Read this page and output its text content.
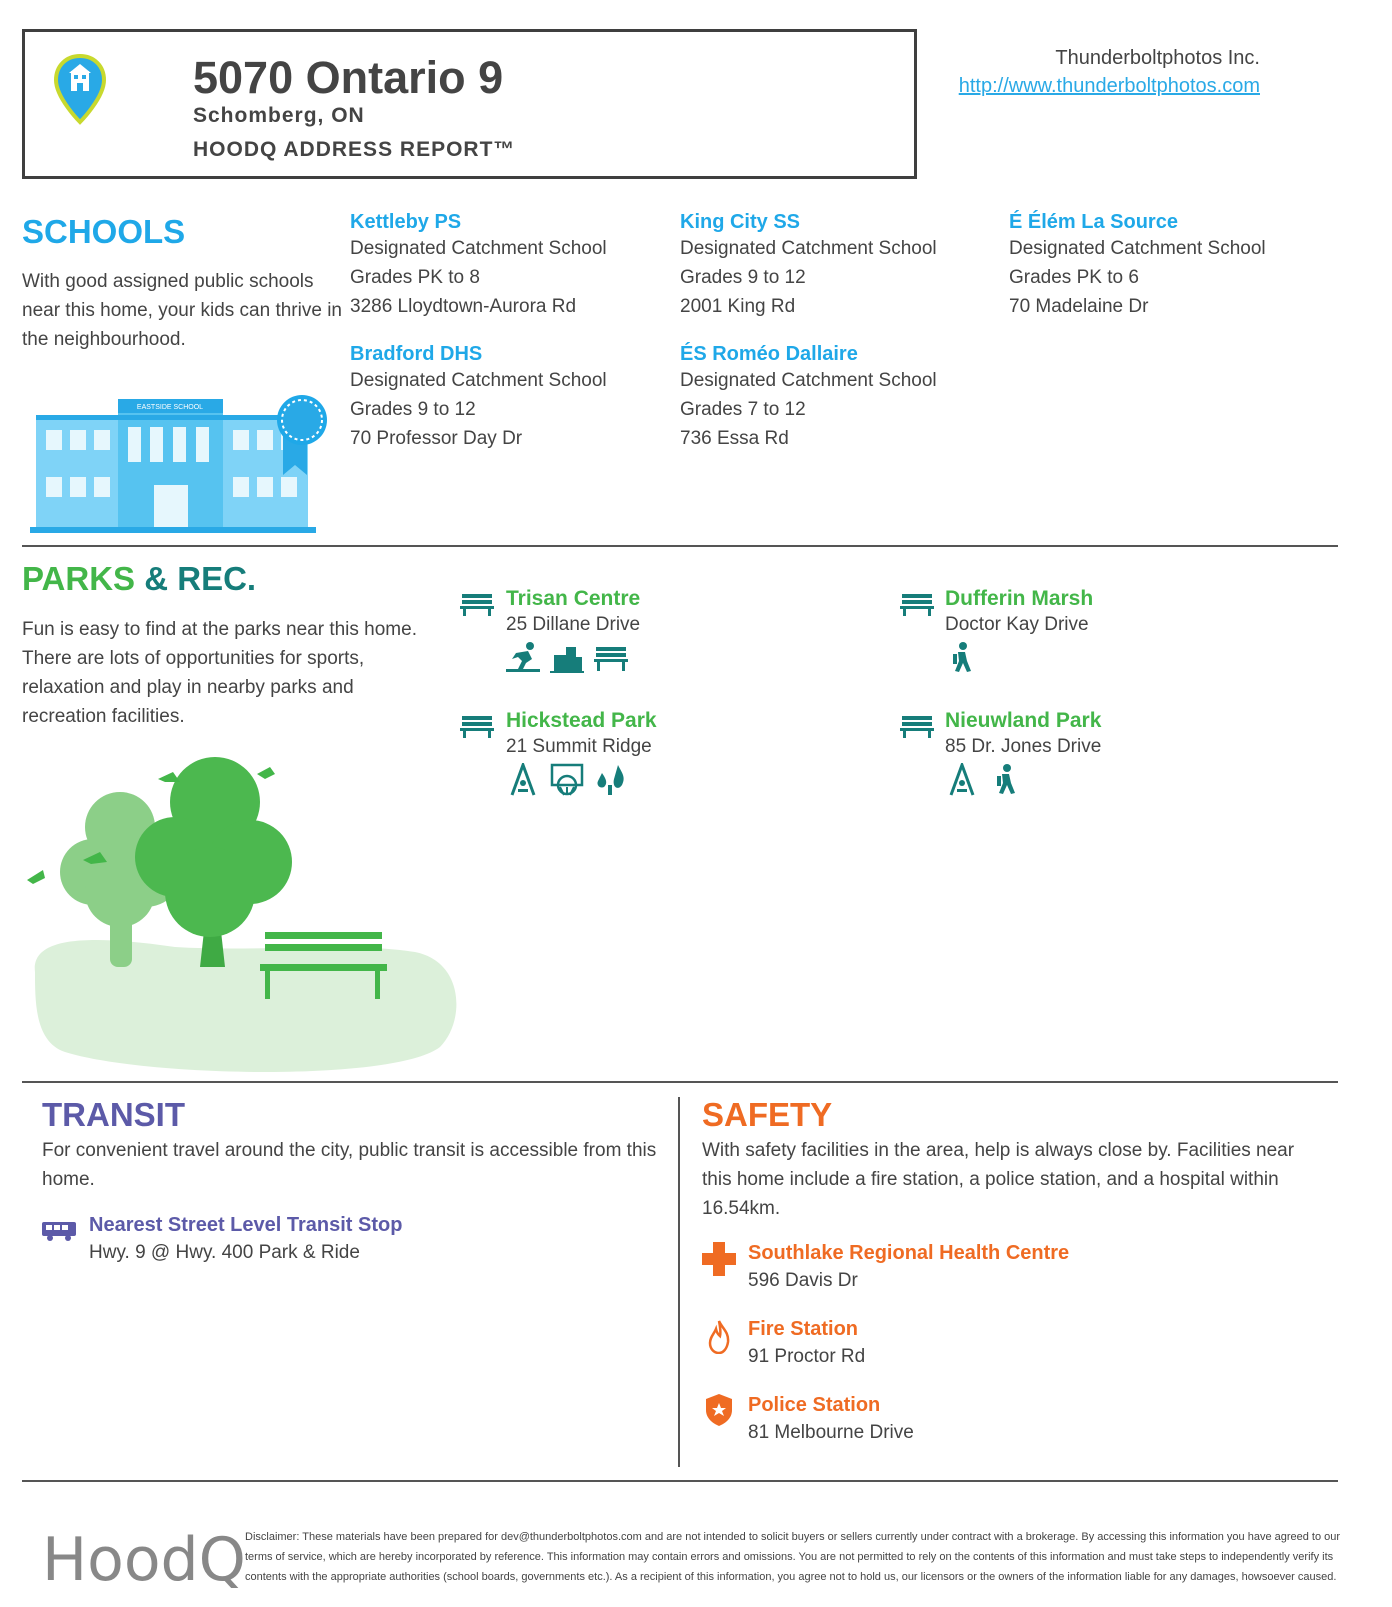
5070 Ontario 9
Schomberg, ON
HOODQ ADDRESS REPORT™
Thunderboltphotos Inc.
http://www.thunderboltphotos.com
SCHOOLS
With good assigned public schools near this home, your kids can thrive in the neighbourhood.
EASTSIDE SCHOOL
Kettleby PS
Designated Catchment School
Grades PK to 8
3286 Lloydtown-Aurora Rd
King City SS
Designated Catchment School
Grades 9 to 12
2001 King Rd
É Élém La Source
Designated Catchment School
Grades PK to 6
70 Madelaine Dr
Bradford DHS
Designated Catchment School
Grades 9 to 12
70 Professor Day Dr
ÉS Roméo Dallaire
Designated Catchment School
Grades 7 to 12
736 Essa Rd
PARKS & REC.
Fun is easy to find at the parks near this home. There are lots of opportunities for sports, relaxation and play in nearby parks and recreation facilities.
Trisan Centre
25 Dillane Drive
Dufferin Marsh
Doctor Kay Drive
Hickstead Park
21 Summit Ridge
Nieuwland Park
85 Dr. Jones Drive
TRANSIT
For convenient travel around the city, public transit is accessible from this home.
Nearest Street Level Transit Stop
Hwy. 9 @ Hwy. 400 Park & Ride
SAFETY
With safety facilities in the area, help is always close by. Facilities near this home include a fire station, a police station, and a hospital within 16.54km.
Southlake Regional Health Centre
596 Davis Dr
Fire Station
91 Proctor Rd
Police Station
81 Melbourne Drive
HoodQ Disclaimer: These materials have been prepared for dev@thunderboltphotos.com and are not intended to solicit buyers or sellers currently under contract with a brokerage. By accessing this information you have agreed to our terms of service, which are hereby incorporated by reference. This information may contain errors and omissions. You are not permitted to rely on the contents of this information and must take steps to independently verify its contents with the appropriate authorities (school boards, governments etc.). As a recipient of this information, you agree not to hold us, our licensors or the owners of the information liable for any damages, howsoever caused.
